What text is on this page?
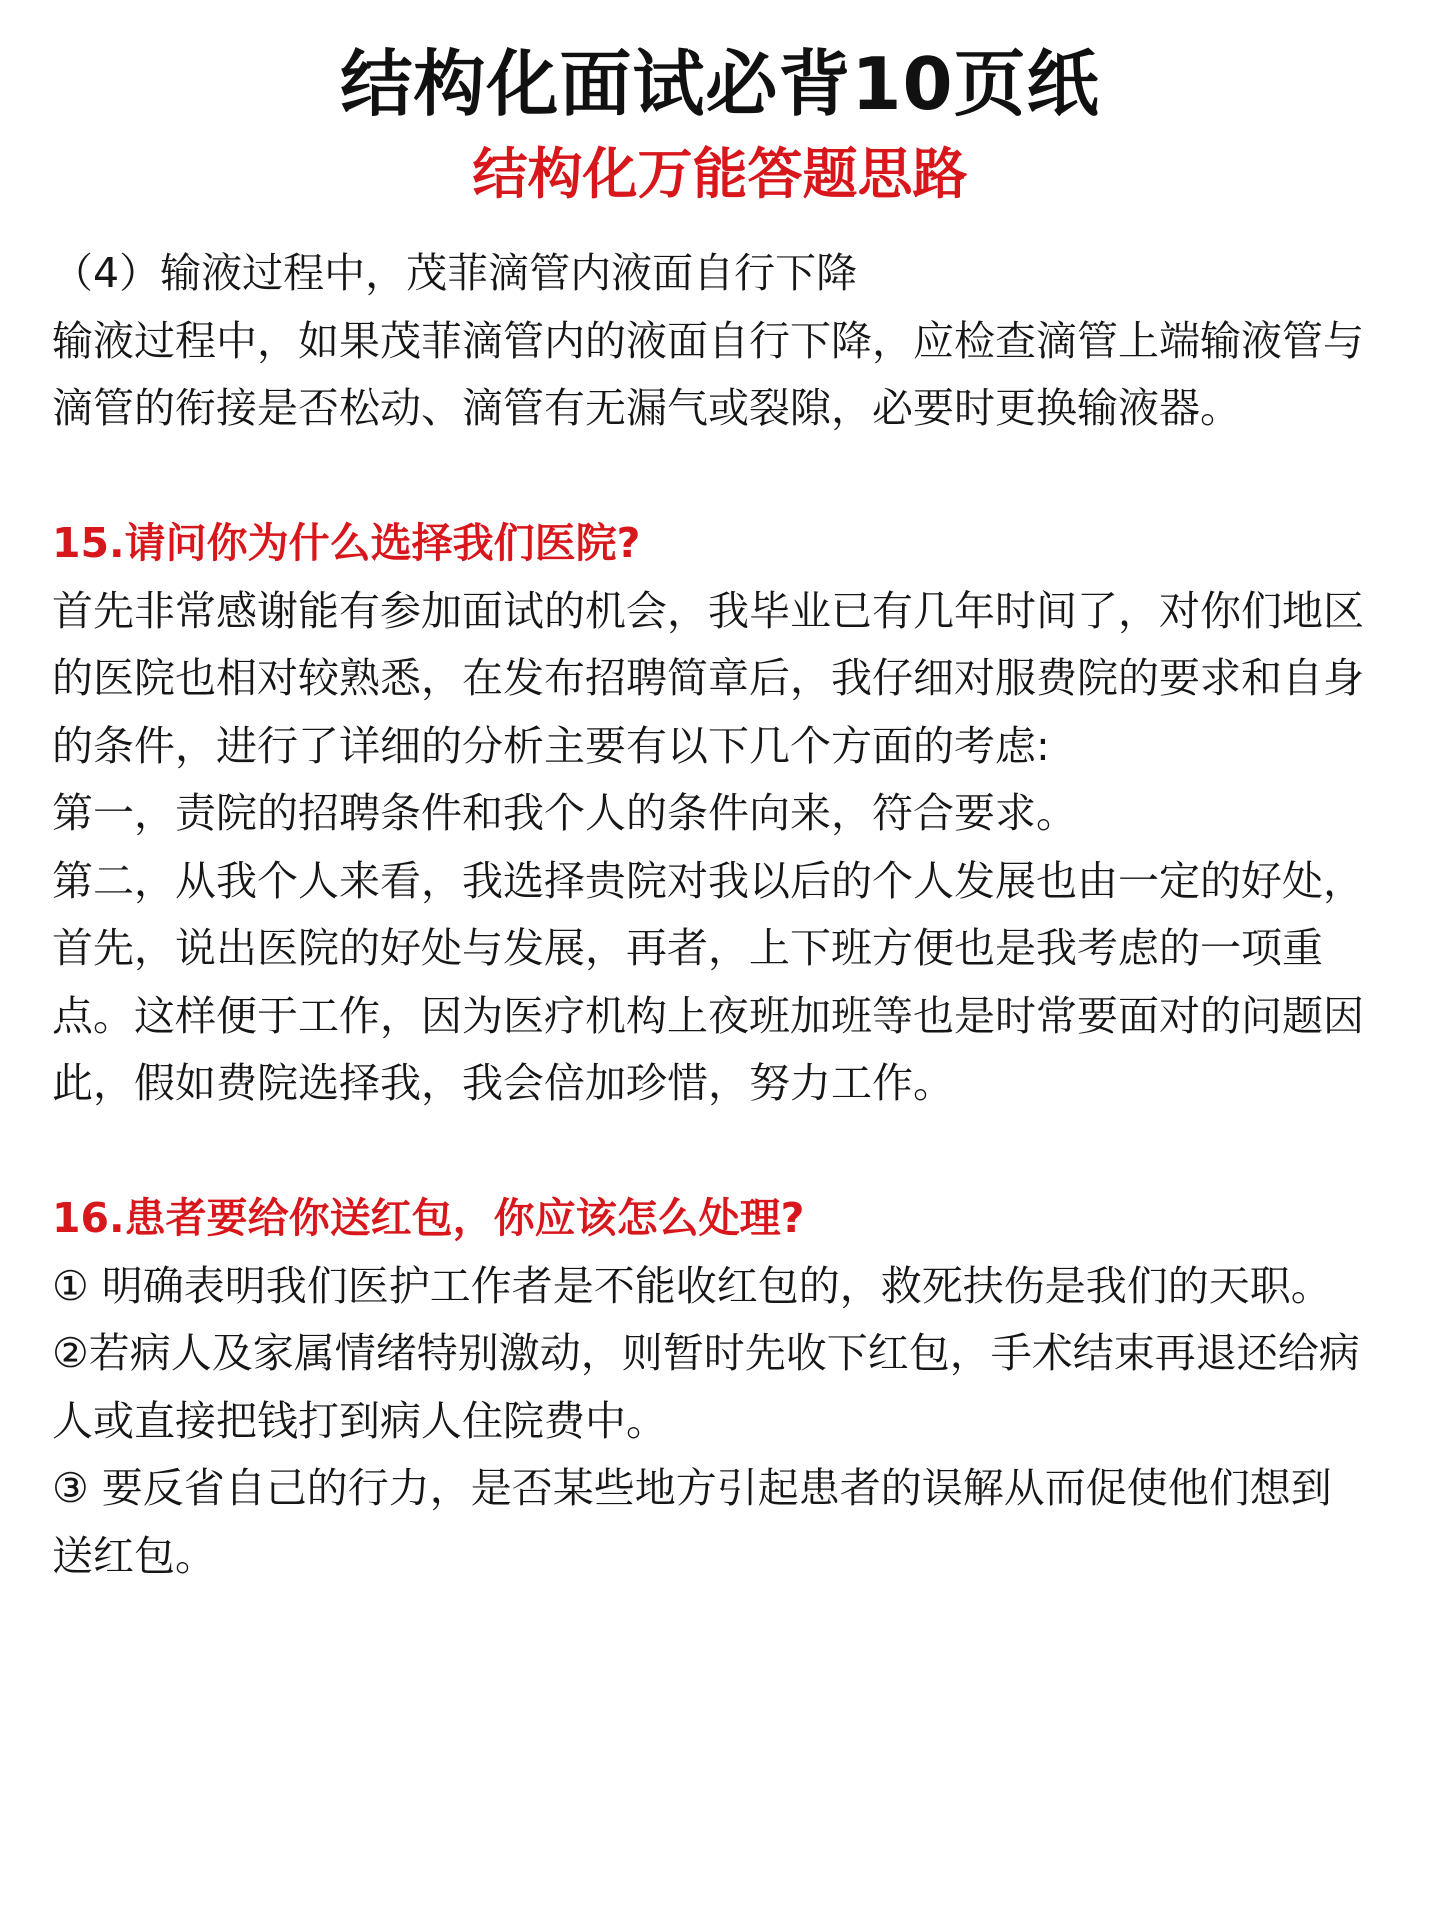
结构化面试必背10页纸
结构化万能答题思路
（4）输液过程中，茂菲滴管内液面自行下降
输液过程中，如果茂菲滴管内的液面自行下降，应检查滴管上端输液管与
滴管的衔接是否松动、滴管有无漏气或裂隙，必要时更换输液器。
15.请问你为什么选择我们医院?
首先非常感谢能有参加面试的机会，我毕业已有几年时间了，对你们地区
的医院也相对较熟悉，在发布招聘简章后，我仔细对服费院的要求和自身
的条件，进行了详细的分析主要有以下几个方面的考虑:
第一，责院的招聘条件和我个人的条件向来，符合要求。
第二，从我个人来看，我选择贵院对我以后的个人发展也由一定的好处，
首先，说出医院的好处与发展，再者，上下班方便也是我考虑的一项重
点。这样便于工作，因为医疗机构上夜班加班等也是时常要面对的问题因
此，假如费院选择我，我会倍加珍惜，努力工作。
16.患者要给你送红包，你应该怎么处理?
① 明确表明我们医护工作者是不能收红包的，救死扶伤是我们的天职。
②若病人及家属情绪特别激动，则暂时先收下红包，手术结束再退还给病
人或直接把钱打到病人住院费中。
③ 要反省自己的行力，是否某些地方引起患者的误解从而促使他们想到
送红包。
